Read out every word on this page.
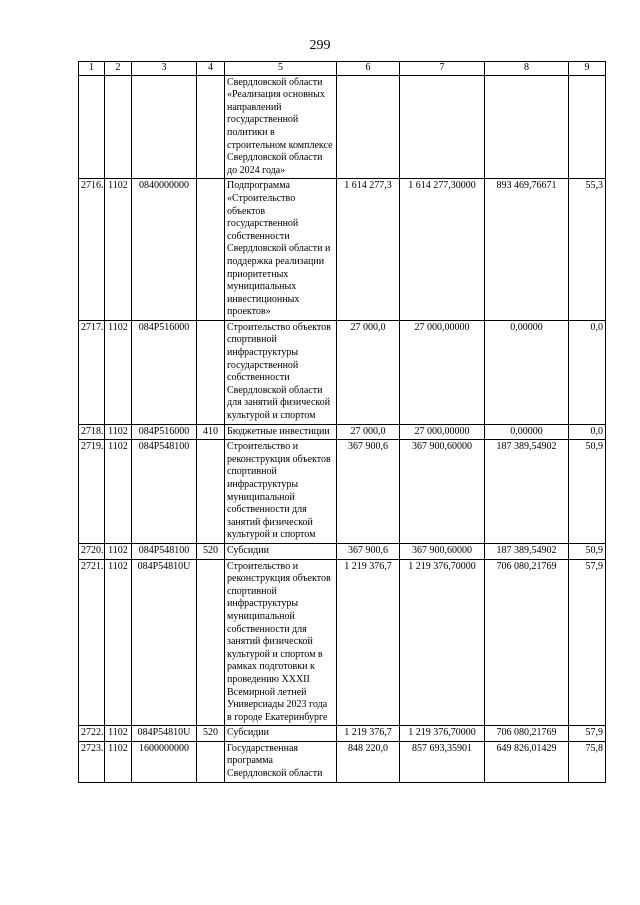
299
1	2	3	4	5	6	7	8	9
				Свердловской области «Реализация основных направлений государственной политики в строительном комплексе Свердловской области до 2024 года»				
2716.	1102	0840000000		Подпрограмма «Строительство объектов государственной собственности Свердловской области и поддержка реализации приоритетных муниципальных инвестиционных проектов»	1 614 277,3	1 614 277,30000	893 469,76671	55,3
2717.	1102	084P516000		Строительство объектов спортивной инфраструктуры государственной собственности Свердловской области для занятий физической культурой и спортом	27 000,0	27 000,00000	0,00000	0,0
2718.	1102	084P516000	410	Бюджетные инвестиции	27 000,0	27 000,00000	0,00000	0,0
2719.	1102	084P548100		Строительство и реконструкция объектов спортивной инфраструктуры муниципальной собственности для занятий физической культурой и спортом	367 900,6	367 900,60000	187 389,54902	50,9
2720.	1102	084P548100	520	Субсидии	367 900,6	367 900,60000	187 389,54902	50,9
2721.	1102	084P54810U		Строительство и реконструкция объектов спортивной инфраструктуры муниципальной собственности для занятий физической культурой и спортом в рамках подготовки к проведению XXXII Всемирной летней Универсиады 2023 года в городе Екатеринбурге	1 219 376,7	1 219 376,70000	706 080,21769	57,9
2722.	1102	084P54810U	520	Субсидии	1 219 376,7	1 219 376,70000	706 080,21769	57,9
2723.	1102	1600000000		Государственная программа Свердловской области	848 220,0	857 693,35901	649 826,01429	75,8
